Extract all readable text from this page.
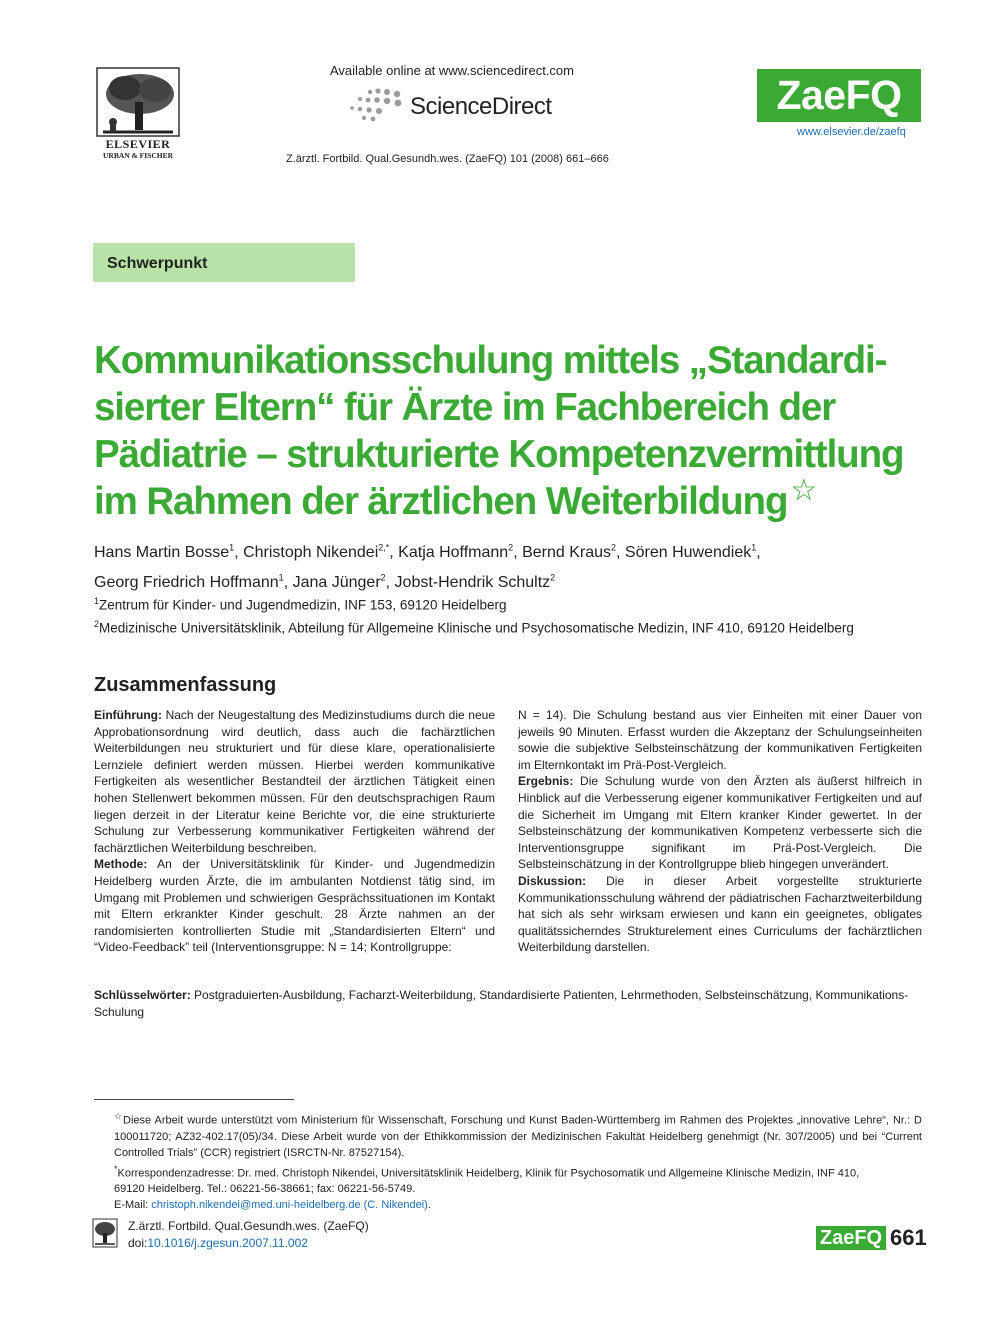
ELSEVIER
URBAN & FISCHER
Available online at www.sciencedirect.com
ScienceDirect
Z.ärztl. Fortbild. Qual.Gesundh.wes. (ZaeFQ) 101 (2008) 661–666
ZaeFQ
www.elsevier.de/zaefq
Schwerpunkt
Kommunikationsschulung mittels „Standardi-
sierter Eltern“ für Ärzte im Fachbereich der
Pädiatrie – strukturierte Kompetenzvermittlung
im Rahmen der ärztlichen Weiterbildung ☆
Hans Martin Bosse$^1$, Christoph Nikendei$^{2,*}$, Katja Hoffmann$^2$, Bernd Kraus$^2$, Sören Huwendiek$^1$,
Georg Friedrich Hoffmann$^1$, Jana Jünger$^2$, Jobst-Hendrik Schultz$^2$
$^1$Zentrum für Kinder- und Jugendmedizin, INF 153, 69120 Heidelberg
$^2$Medizinische Universitätsklinik, Abteilung für Allgemeine Klinische und Psychosomatische Medizin, INF 410, 69120 Heidelberg
Zusammenfassung
Einführung: Nach der Neugestaltung des Medizinstudiums durch die neue Approbationsordnung wird deutlich, dass auch die fachärztlichen Weiterbildungen neu strukturiert und für diese klare, operationalisierte Lernziele definiert werden müssen. Hierbei werden kommunikative Fertigkeiten als wesentlicher Bestandteil der ärztlichen Tätigkeit einen hohen Stellenwert bekommen müssen. Für den deutschsprachigen Raum liegen derzeit in der Literatur keine Berichte vor, die eine strukturierte Schulung zur Verbesserung kommunikativer Fertigkeiten während der fachärztlichen Weiterbildung beschreiben.
Methode: An der Universitätsklinik für Kinder- und Jugendmedizin Heidelberg wurden Ärzte, die im ambulanten Notdienst tätig sind, im Umgang mit Problemen und schwierigen Gesprächssituationen im Kontakt mit Eltern erkrankter Kinder geschult. 28 Ärzte nahmen an der randomisierten kontrollierten Studie mit „Standardisierten Eltern“ und “Video-Feedback” teil (Interventionsgruppe: N = 14; Kontrollgruppe:
N = 14). Die Schulung bestand aus vier Einheiten mit einer Dauer von jeweils 90 Minuten. Erfasst wurden die Akzeptanz der Schulungseinheiten sowie die subjektive Selbsteinschätzung der kommunikativen Fertigkeiten im Elternkontakt im Prä-Post-Vergleich.
Ergebnis: Die Schulung wurde von den Ärzten als äußerst hilfreich in Hinblick auf die Verbesserung eigener kommunikativer Fertigkeiten und auf die Sicherheit im Umgang mit Eltern kranker Kinder gewertet. In der Selbsteinschätzung der kommunikativen Kompetenz verbesserte sich die Interventionsgruppe signifikant im Prä-Post-Vergleich. Die Selbsteinschätzung in der Kontrollgruppe blieb hingegen unverändert.
Diskussion: Die in dieser Arbeit vorgestellte strukturierte Kommunikationsschulung während der pädiatrischen Facharztweiterbildung hat sich als sehr wirksam erwiesen und kann ein geeignetes, obligates qualitätssicherndes Strukturelement eines Curriculums der fachärztlichen Weiterbildung darstellen.
Schlüsselwörter: Postgraduierten-Ausbildung, Facharzt-Weiterbildung, Standardisierte Patienten, Lehrmethoden, Selbsteinschätzung, Kommunikations-Schulung
☆Diese Arbeit wurde unterstützt vom Ministerium für Wissenschaft, Forschung und Kunst Baden-Württemberg im Rahmen des Projektes „innovative Lehre“, Nr.: D 100011720; AZ32-402.17(05)/34. Diese Arbeit wurde von der Ethikkommission der Medizinischen Fakultät Heidelberg genehmigt (Nr. 307/2005) und bei “Current Controlled Trials” (CCR) registriert (ISRCTN-Nr. 87527154).
*Korrespondenzadresse: Dr. med. Christoph Nikendei, Universitätsklinik Heidelberg, Klinik für Psychosomatik und Allgemeine Klinische Medizin, INF 410,
69120 Heidelberg. Tel.: 06221-56-38661; fax: 06221-56-5749.
E-Mail: christoph.nikendei@med.uni-heidelberg.de (C. Nikendei).
Z.ärztl. Fortbild. Qual.Gesundh.wes. (ZaeFQ)
doi:10.1016/j.zgesun.2007.11.002	ZaeFQ 661
